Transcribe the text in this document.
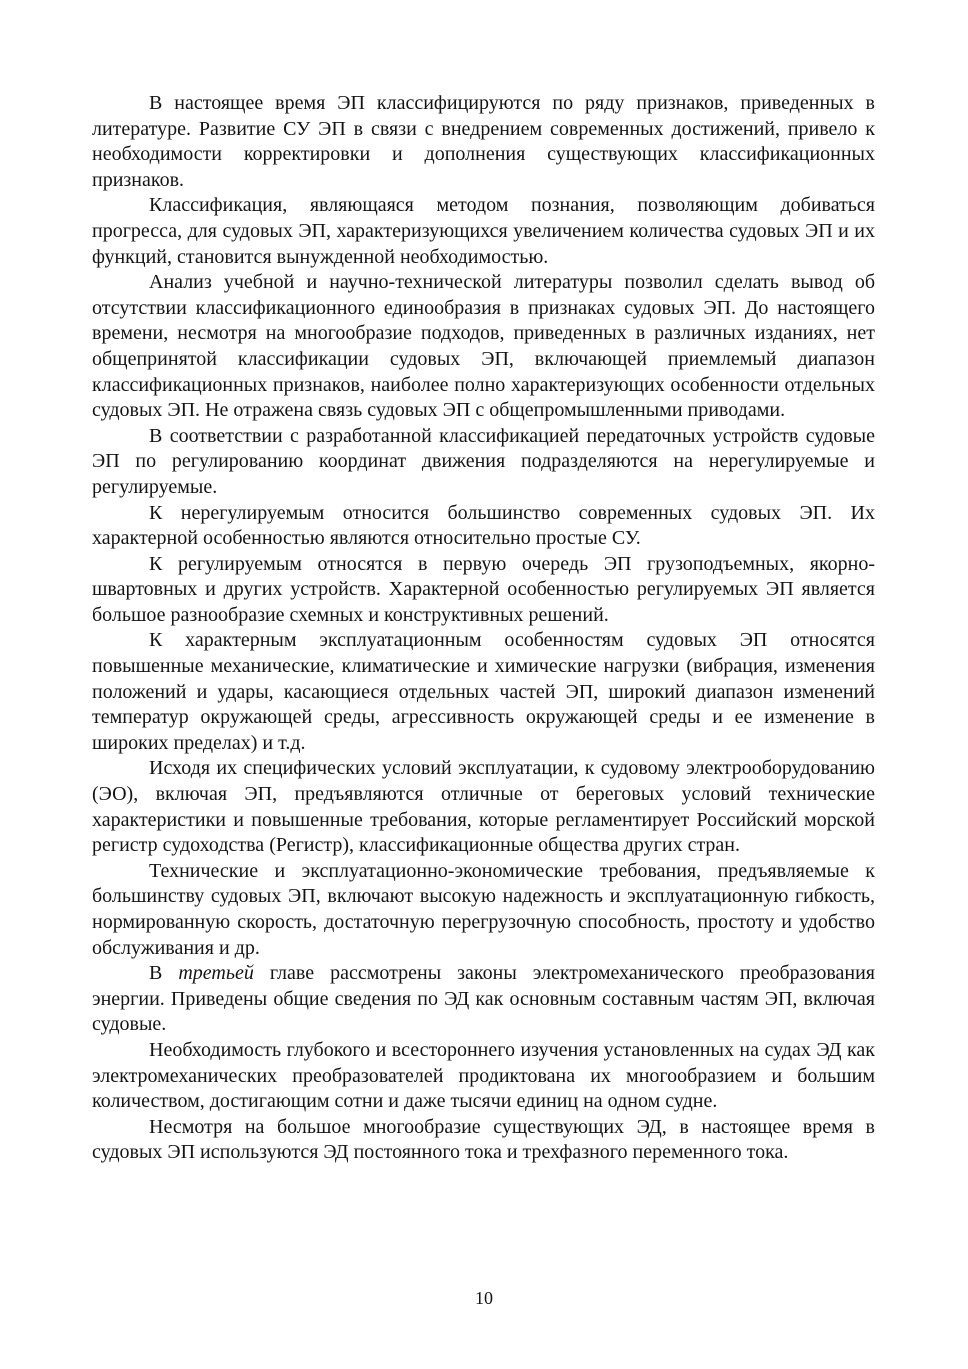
В настоящее время ЭП классифицируются по ряду признаков, приведенных в литературе. Развитие СУ ЭП в связи с внедрением современных достижений, привело к необходимости корректировки и дополнения существующих классификационных признаков.

Классификация, являющаяся методом познания, позволяющим добиваться прогресса, для судовых ЭП, характеризующихся увеличением количества судовых ЭП и их функций, становится вынужденной необходимостью.

Анализ учебной и научно-технической литературы позволил сделать вывод об отсутствии классификационного единообразия в признаках судовых ЭП. До настоящего времени, несмотря на многообразие подходов, приведенных в различных изданиях, нет общепринятой классификации судовых ЭП, включающей приемлемый диапазон классификационных признаков, наиболее полно характеризующих особенности отдельных судовых ЭП. Не отражена связь судовых ЭП с общепромышленными приводами.

В соответствии с разработанной классификацией передаточных устройств судовые ЭП по регулированию координат движения подразделяются на нерегулируемые и регулируемые.

К нерегулируемым относится большинство современных судовых ЭП. Их характерной особенностью являются относительно простые СУ.

К регулируемым относятся в первую очередь ЭП грузоподъемных, якорно-швартовных и других устройств. Характерной особенностью регулируемых ЭП является большое разнообразие схемных и конструктивных решений.

К характерным эксплуатационным особенностям судовых ЭП относятся повышенные механические, климатические и химические нагрузки (вибрация, изменения положений и удары, касающиеся отдельных частей ЭП, широкий диапазон изменений температур окружающей среды, агрессивность окружающей среды и ее изменение в широких пределах) и т.д.

Исходя их специфических условий эксплуатации, к судовому электрооборудованию (ЭО), включая ЭП, предъявляются отличные от береговых условий технические характеристики и повышенные требования, которые регламентирует Российский морской регистр судоходства (Регистр), классификационные общества других стран.

Технические и эксплуатационно-экономические требования, предъявляемые к большинству судовых ЭП, включают высокую надежность и эксплуатационную гибкость, нормированную скорость, достаточную перегрузочную способность, простоту и удобство обслуживания и др.

В третьей главе рассмотрены законы электромеханического преобразования энергии. Приведены общие сведения по ЭД как основным составным частям ЭП, включая судовые.

Необходимость глубокого и всестороннего изучения установленных на судах ЭД как электромеханических преобразователей продиктована их многообразием и большим количеством, достигающим сотни и даже тысячи единиц на одном судне.

Несмотря на большое многообразие существующих ЭД, в настоящее время в судовых ЭП используются ЭД постоянного тока и трехфазного переменного тока.

10
